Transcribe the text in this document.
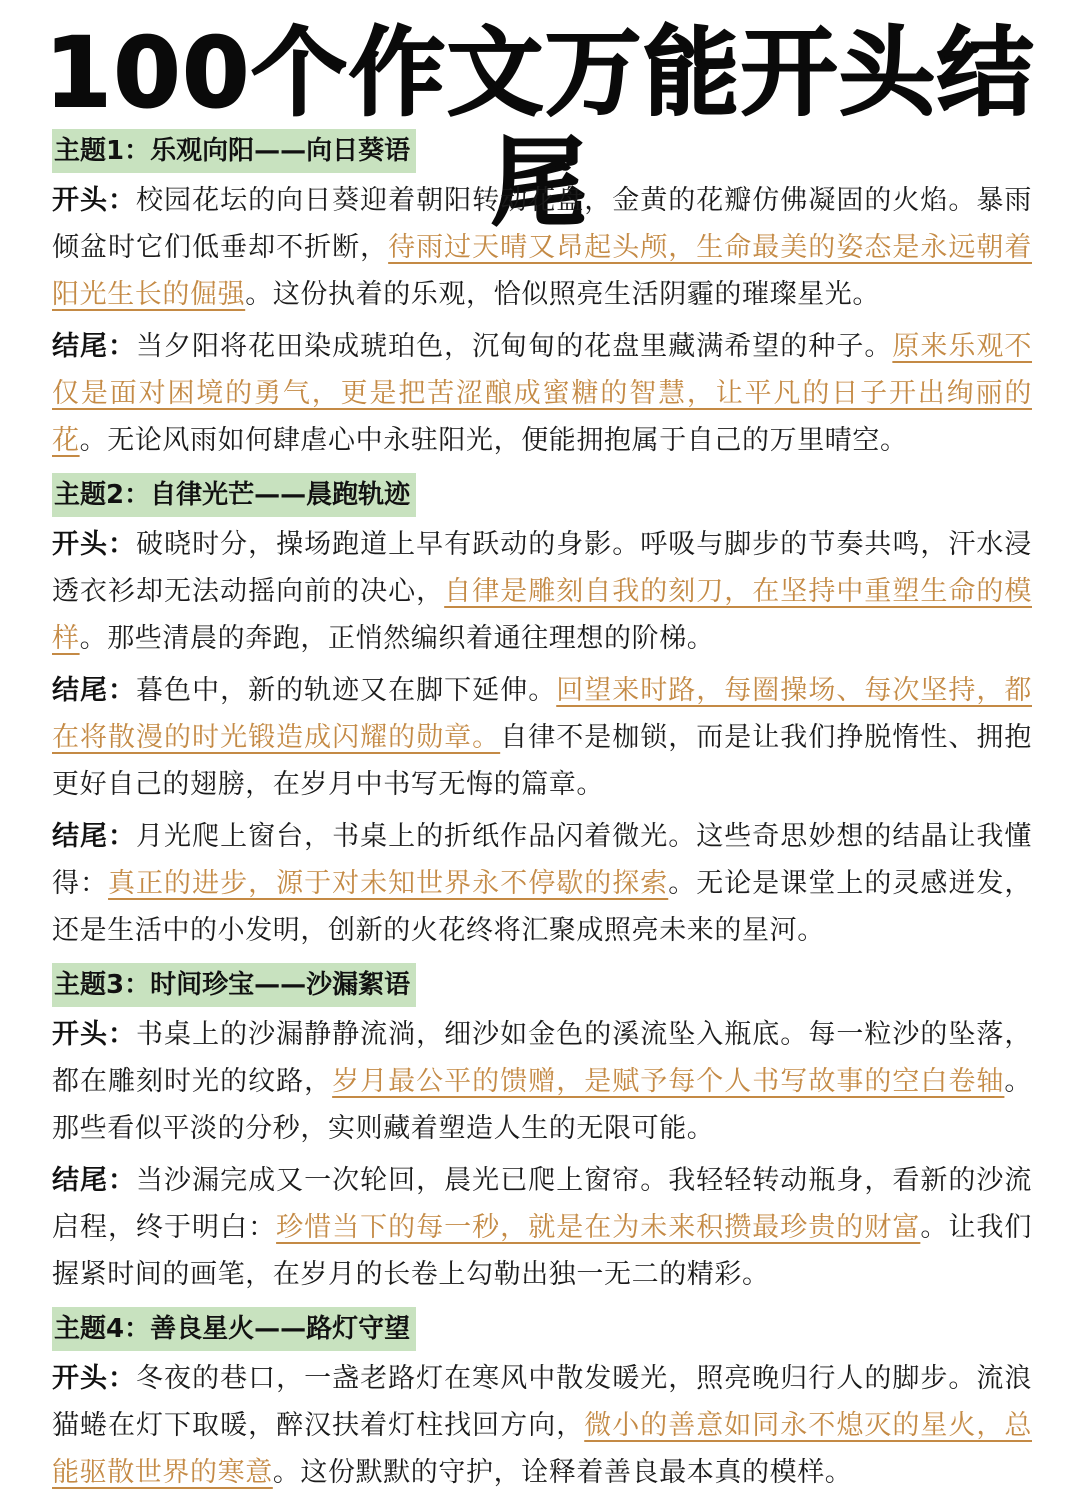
100个作文万能开头结尾
主题1：乐观向阳——向日葵语

开头：校园花坛的向日葵迎着朝阳转动花盘，金黄的花瓣仿佛凝固的火焰。暴雨倾盆时它们低垂却不折断，待雨过天晴又昂起头颅，生命最美的姿态是永远朝着阳光生长的倔强。这份执着的乐观，恰似照亮生活阴霾的璀璨星光。

结尾：当夕阳将花田染成琥珀色，沉甸甸的花盘里藏满希望的种子。原来乐观不仅是面对困境的勇气，更是把苦涩酿成蜜糖的智慧，让平凡的日子开出绚丽的花。无论风雨如何肆虐心中永驻阳光，便能拥抱属于自己的万里晴空。

主题2：自律光芒——晨跑轨迹

开头：破晓时分，操场跑道上早有跃动的身影。呼吸与脚步的节奏共鸣，汗水浸透衣衫却无法动摇向前的决心，自律是雕刻自我的刻刀，在坚持中重塑生命的模样。那些清晨的奔跑，正悄然编织着通往理想的阶梯。

结尾：暮色中，新的轨迹又在脚下延伸。回望来时路，每圈操场、每次坚持，都在将散漫的时光锻造成闪耀的勋章。自律不是枷锁，而是让我们挣脱惰性、拥抱更好自己的翅膀，在岁月中书写无悔的篇章。

结尾：月光爬上窗台，书桌上的折纸作品闪着微光。这些奇思妙想的结晶让我懂得：真正的进步，源于对未知世界永不停歇的探索。无论是课堂上的灵感迸发，还是生活中的小发明，创新的火花终将汇聚成照亮未来的星河。

主题3：时间珍宝——沙漏絮语

开头：书桌上的沙漏静静流淌，细沙如金色的溪流坠入瓶底。每一粒沙的坠落，都在雕刻时光的纹路，岁月最公平的馈赠，是赋予每个人书写故事的空白卷轴。那些看似平淡的分秒，实则藏着塑造人生的无限可能。

结尾：当沙漏完成又一次轮回，晨光已爬上窗帘。我轻轻转动瓶身，看新的沙流启程，终于明白：珍惜当下的每一秒，就是在为未来积攒最珍贵的财富。让我们握紧时间的画笔，在岁月的长卷上勾勒出独一无二的精彩。

主题4：善良星火——路灯守望

开头：冬夜的巷口，一盏老路灯在寒风中散发暖光，照亮晚归行人的脚步。流浪猫蜷在灯下取暖，醉汉扶着灯柱找回方向，微小的善意如同永不熄灭的星火，总能驱散世界的寒意。这份默默的守护，诠释着善良最本真的模样。
